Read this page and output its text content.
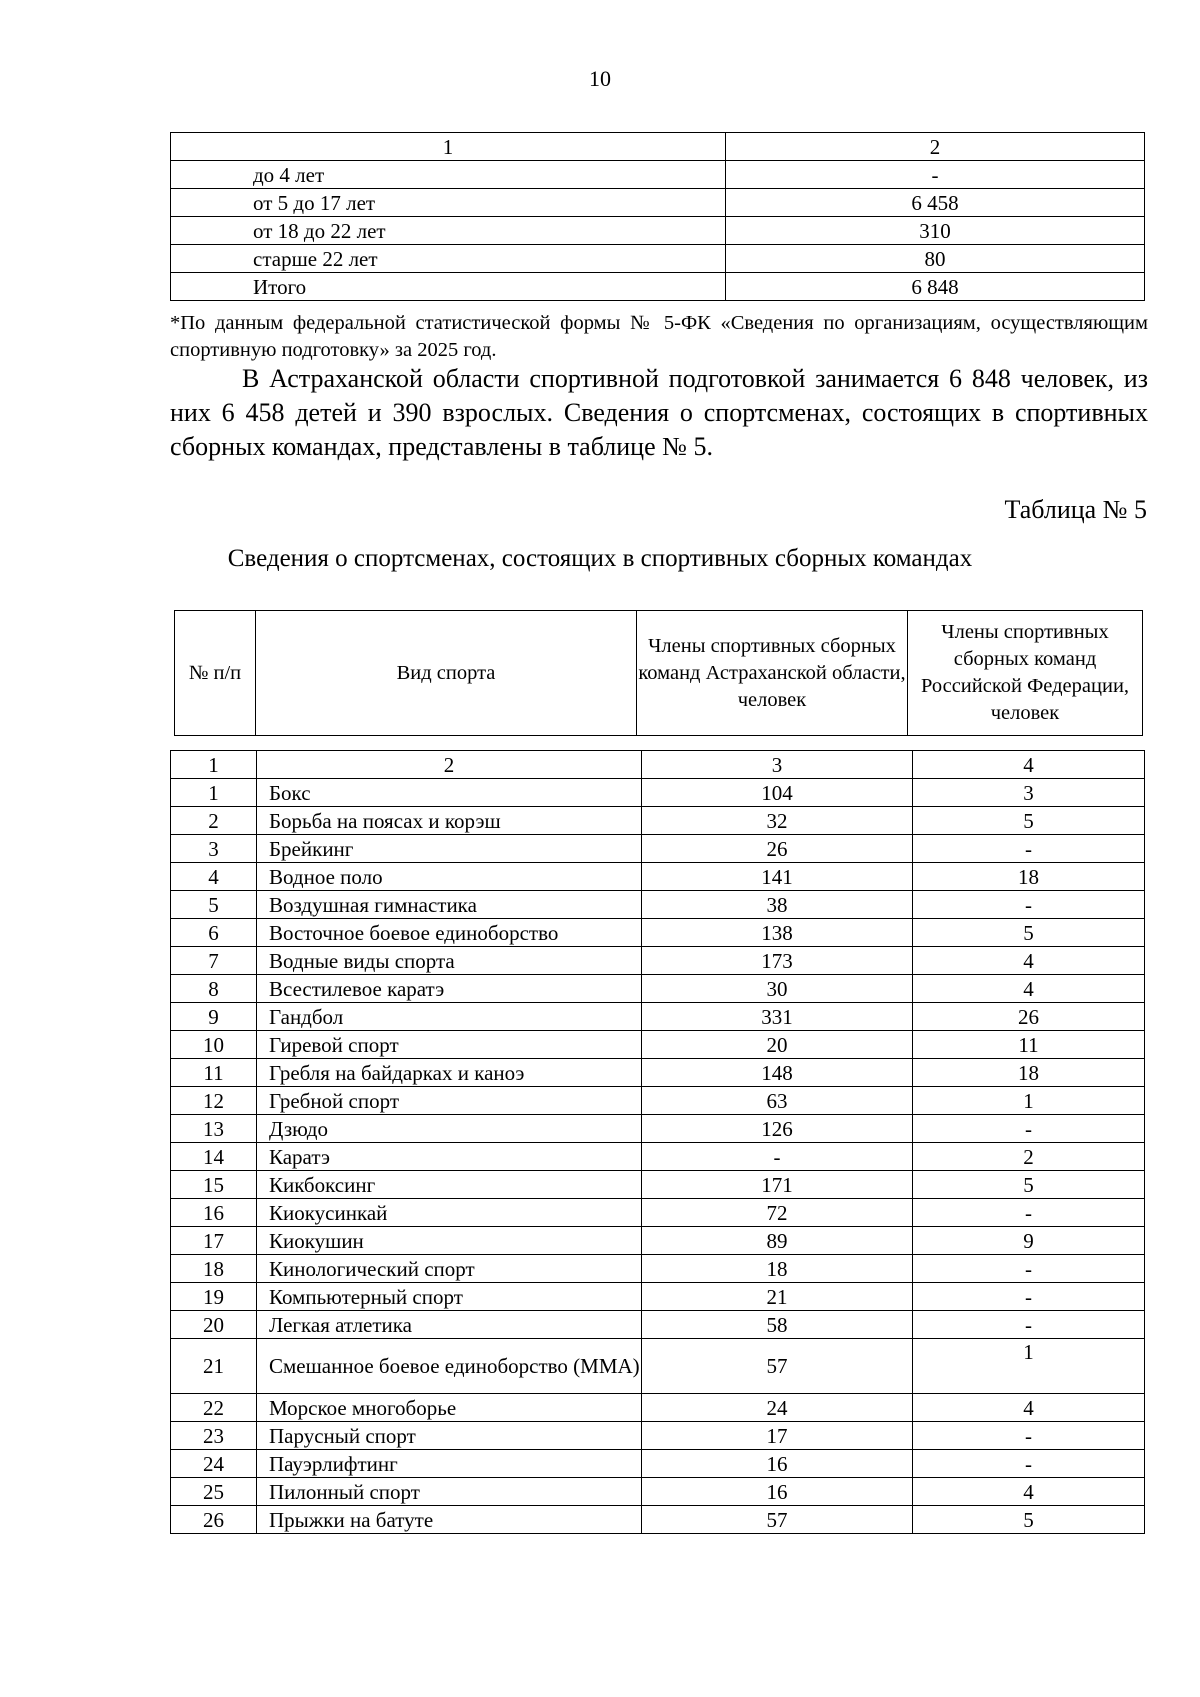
10
1	2
до 4 лет	-
от 5 до 17 лет	6 458
от 18 до 22 лет	310
старше 22 лет	80
Итого	6 848
*По данным федеральной статистической формы № 5-ФК «Сведения по организациям, осуществляющим спортивную подготовку» за 2025 год.
В Астраханской области спортивной подготовкой занимается 6 848 человек, из них 6 458 детей и 390 взрослых. Сведения о спортсменах, состоящих в спортивных сборных командах, представлены в таблице № 5.
Таблица № 5
Сведения о спортсменах, состоящих в спортивных сборных командах
№ п/п	Вид спорта	Члены спортивных сборных команд Астраханской области, человек	Члены спортивных сборных команд Российской Федерации, человек
1	2	3	4
1	Бокс	104	3
2	Борьба на поясах и корэш	32	5
3	Брейкинг	26	-
4	Водное поло	141	18
5	Воздушная гимнастика	38	-
6	Восточное боевое единоборство	138	5
7	Водные виды спорта	173	4
8	Всестилевое каратэ	30	4
9	Гандбол	331	26
10	Гиревой спорт	20	11
11	Гребля на байдарках и каноэ	148	18
12	Гребной спорт	63	1
13	Дзюдо	126	-
14	Каратэ	-	2
15	Кикбоксинг	171	5
16	Киокусинкай	72	-
17	Киокушин	89	9
18	Кинологический спорт	18	-
19	Компьютерный спорт	21	-
20	Легкая атлетика	58	-
21	Смешанное боевое единоборство (ММА)	57	1
22	Морское многоборье	24	4
23	Парусный спорт	17	-
24	Пауэрлифтинг	16	-
25	Пилонный спорт	16	4
26	Прыжки на батуте	57	5
